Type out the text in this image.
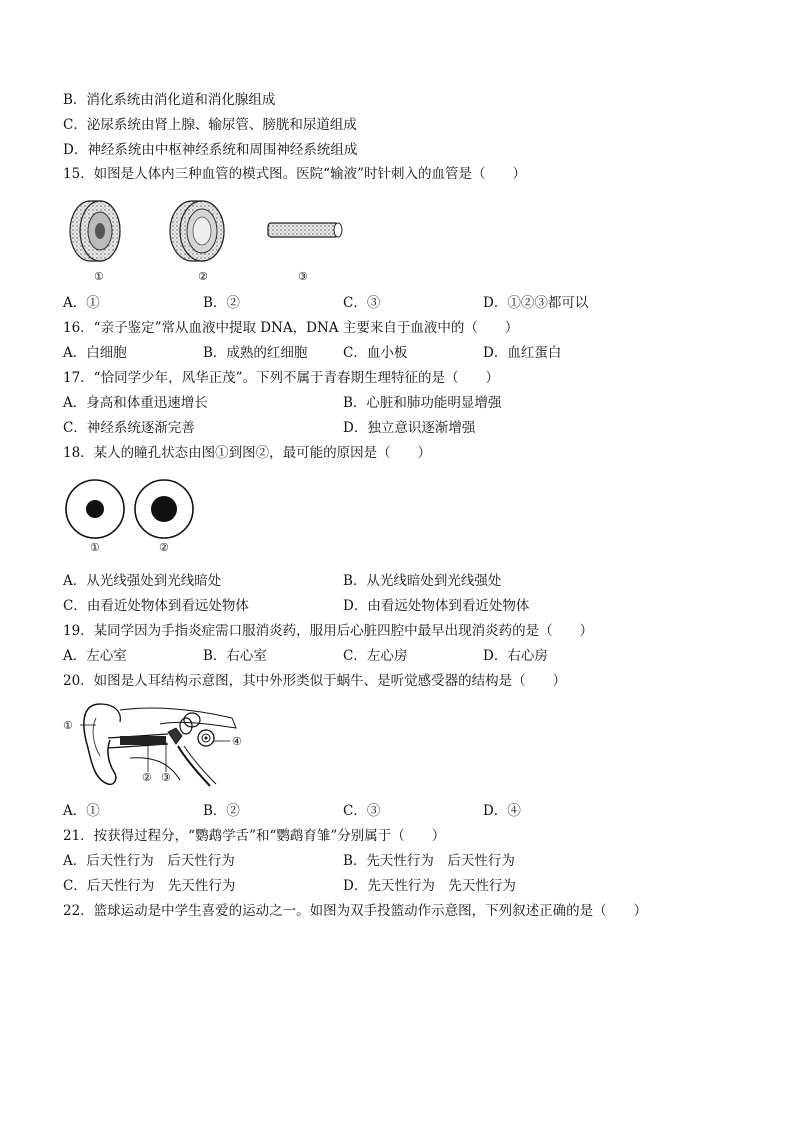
B．消化系统由消化道和消化腺组成
C．泌尿系统由肾上腺、输尿管、膀胱和尿道组成
D．神经系统由中枢神经系统和周围神经系统组成
15．如图是人体内三种血管的模式图。医院“输液”时针刺入的血管是（　　）
①	②	③
A．①	B．②	C．③	D．①②③都可以
16．“亲子鉴定”常从血液中提取 DNA，DNA 主要来自于血液中的（　　）
A．白细胞	B．成熟的红细胞	C．血小板	D．血红蛋白
17．“恰同学少年，风华正茂”。下列不属于青春期生理特征的是（　　）
A．身高和体重迅速增长	B．心脏和肺功能明显增强
C．神经系统逐渐完善	D．独立意识逐渐增强
18．某人的瞳孔状态由图①到图②，最可能的原因是（　　）
①	②
A．从光线强处到光线暗处	B．从光线暗处到光线强处
C．由看近处物体到看远处物体	D．由看远处物体到看近处物体
19．某同学因为手指炎症需口服消炎药，服用后心脏四腔中最早出现消炎药的是（　　）
A．左心室	B．右心室	C．左心房	D．右心房
20．如图是人耳结构示意图，其中外形类似于蜗牛、是听觉感受器的结构是（　　）
①
② ③
④
A．①	B．②	C．③	D．④
21．按获得过程分，“鹦鹉学舌”和“鹦鹉育雏”分别属于（　　）
A．后天性行为　后天性行为	B．先天性行为　后天性行为
C．后天性行为　先天性行为	D．先天性行为　先天性行为
22．篮球运动是中学生喜爱的运动之一。如图为双手投篮动作示意图，下列叙述正确的是（　　）
